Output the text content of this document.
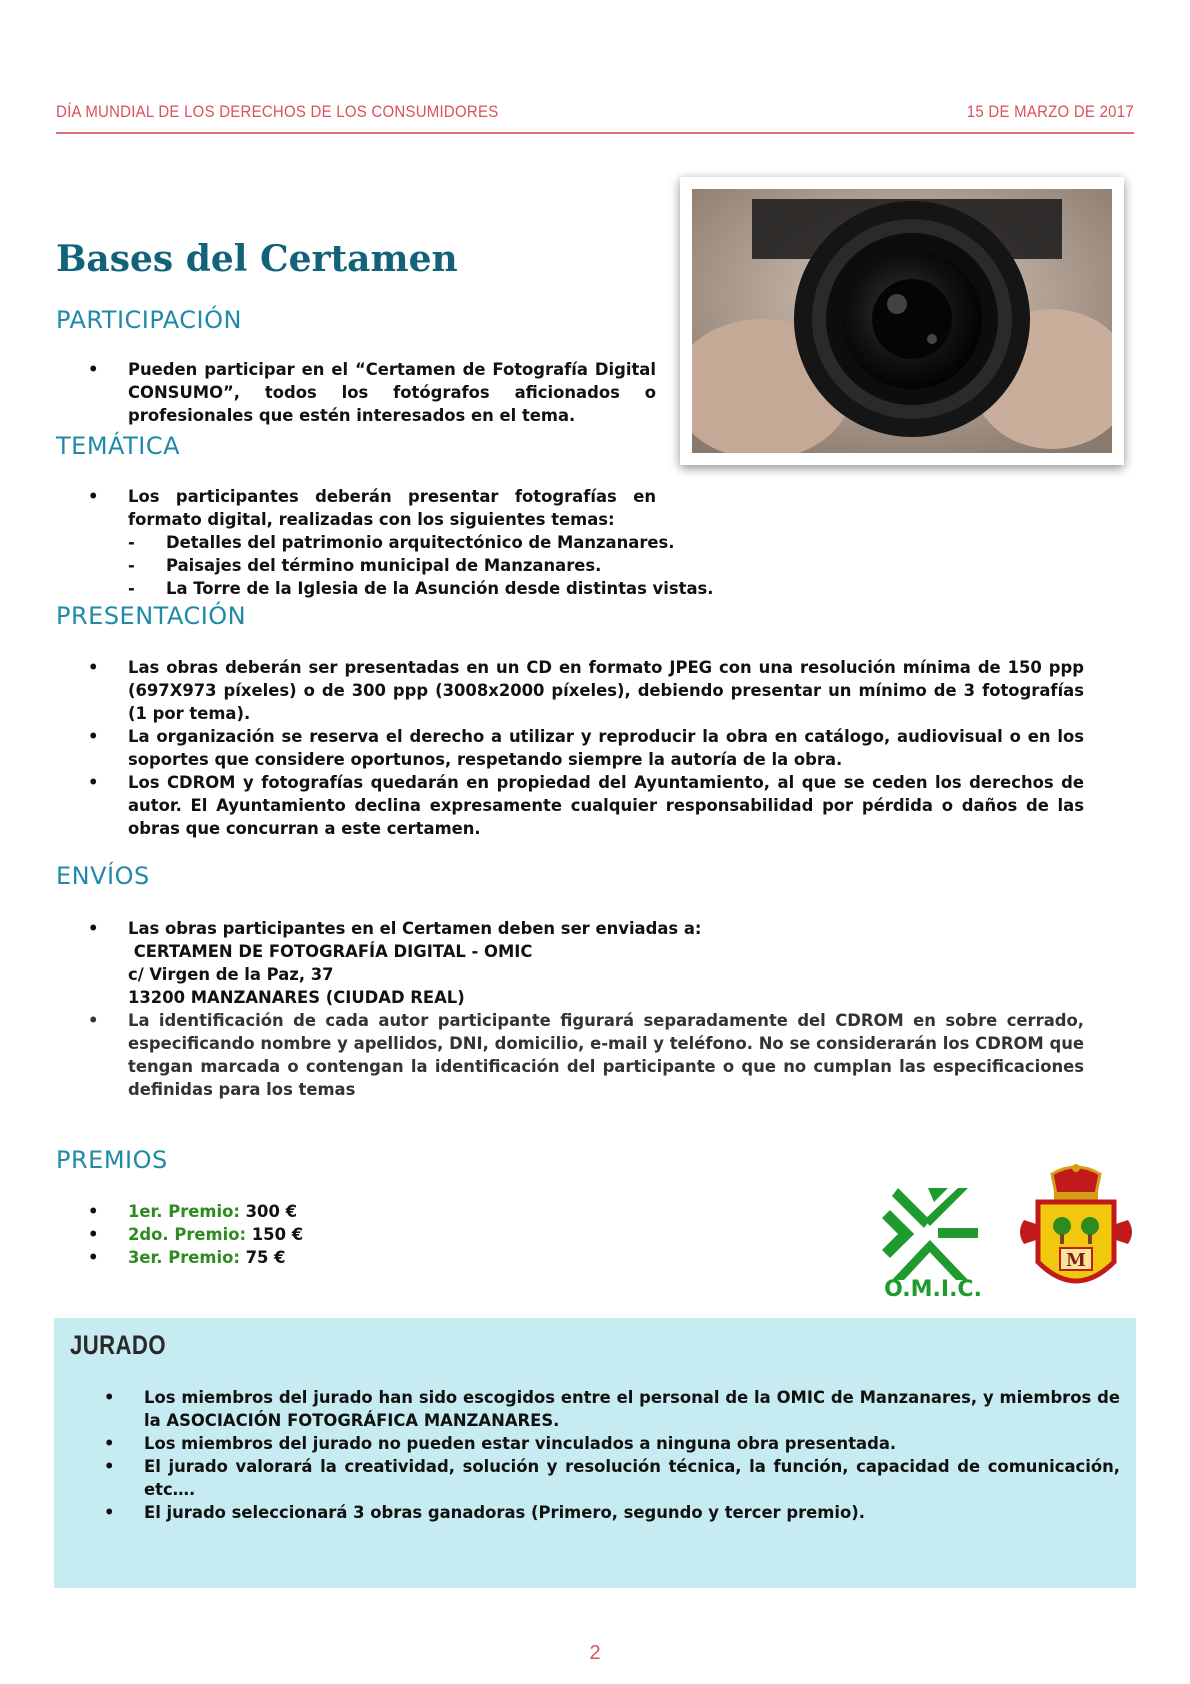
DÍA MUNDIAL DE LOS DERECHOS DE LOS CONSUMIDORES	15 DE MARZO DE 2017
Bases del Certamen
PARTICIPACIÓN
• Pueden participar en el “Certamen de Fotografía Digital CONSUMO”, todos los fotógrafos aficionados o profesionales que estén interesados en el tema.
TEMÁTICA
• Los participantes deberán presentar fotografías en formato digital, realizadas con los siguientes temas:
- Detalles del patrimonio arquitectónico de Manzanares.
- Paisajes del término municipal de Manzanares.
- La Torre de la Iglesia de la Asunción desde distintas vistas.
PRESENTACIÓN
• Las obras deberán ser presentadas en un CD en formato JPEG con una resolución mínima de 150 ppp (697X973 píxeles) o de 300 ppp (3008x2000 píxeles), debiendo presentar un mínimo de 3 fotografías (1 por tema).
• La organización se reserva el derecho a utilizar y reproducir la obra en catálogo, audiovisual o en los soportes que considere oportunos, respetando siempre la autoría de la obra.
• Los CDROM y fotografías quedarán en propiedad del Ayuntamiento, al que se ceden los derechos de autor. El Ayuntamiento declina expresamente cualquier responsabilidad por pérdida o daños de las obras que concurran a este certamen.
ENVÍOS
• Las obras participantes en el Certamen deben ser enviadas a:
CERTAMEN DE FOTOGRAFÍA DIGITAL - OMIC
c/ Virgen de la Paz, 37
13200 MANZANARES (CIUDAD REAL)
• La identificación de cada autor participante figurará separadamente del CDROM en sobre cerrado, especificando nombre y apellidos, DNI, domicilio, e-mail y teléfono. No se considerarán los CDROM que tengan marcada o contengan la identificación del participante o que no cumplan las especificaciones definidas para los temas
PREMIOS
• 1er. Premio: 300 €
• 2do. Premio: 150 €
• 3er. Premio: 75 €
O.M.I.C.
M
JURADO
• Los miembros del jurado han sido escogidos entre el personal de la OMIC de Manzanares, y miembros de la ASOCIACIÓN FOTOGRÁFICA MANZANARES.
• Los miembros del jurado no pueden estar vinculados a ninguna obra presentada.
• El jurado valorará la creatividad, solución y resolución técnica, la función, capacidad de comunicación, etc….
• El jurado seleccionará 3 obras ganadoras (Primero, segundo y tercer premio).
2
